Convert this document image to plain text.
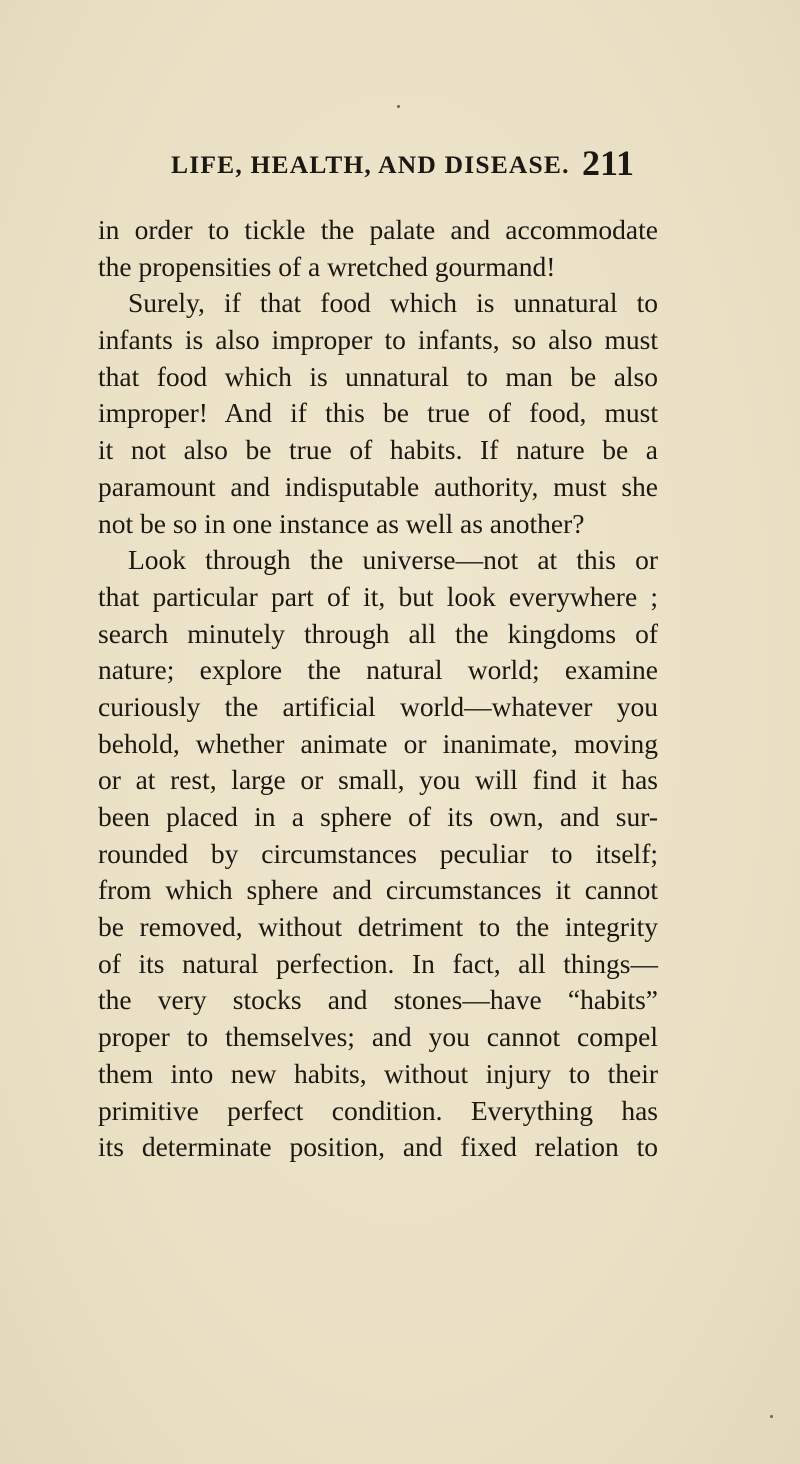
LIFE, HEALTH, AND DISEASE. 211
in order to tickle the palate and accommodate
the propensities of a wretched gourmand!
Surely, if that food which is unnatural to
infants is also improper to infants, so also must
that food which is unnatural to man be also
improper! And if this be true of food, must
it not also be true of habits. If nature be a
paramount and indisputable authority, must she
not be so in one instance as well as another?
Look through the universe—not at this or
that particular part of it, but look everywhere ;
search minutely through all the kingdoms of
nature; explore the natural world; examine
curiously the artificial world—whatever you
behold, whether animate or inanimate, moving
or at rest, large or small, you will find it has
been placed in a sphere of its own, and sur-
rounded by circumstances peculiar to itself;
from which sphere and circumstances it cannot
be removed, without detriment to the integrity
of its natural perfection. In fact, all things—
the very stocks and stones—have “habits”
proper to themselves; and you cannot compel
them into new habits, without injury to their
primitive perfect condition. Everything has
its determinate position, and fixed relation to
